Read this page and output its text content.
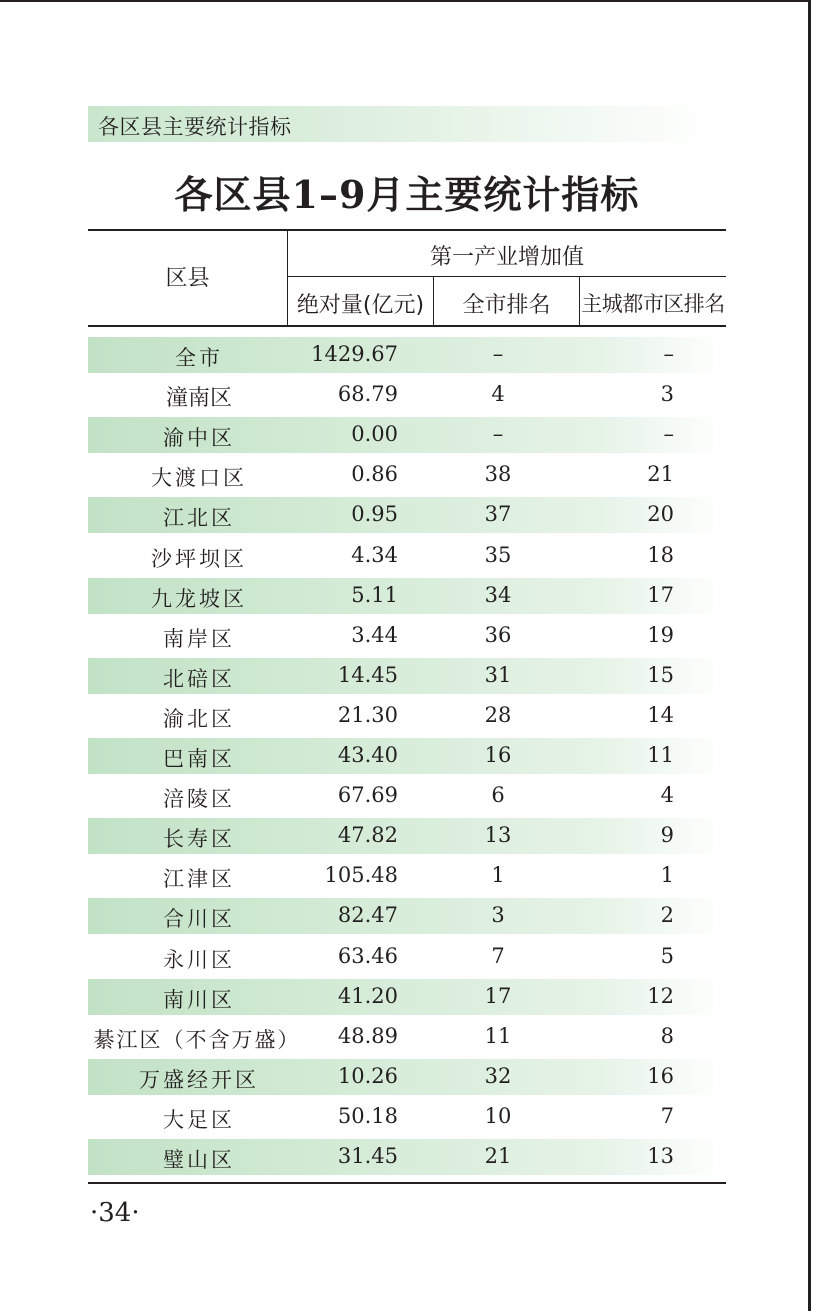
各区县主要统计指标
各区县1–9月主要统计指标
区县
第一产业增加值
绝对量(亿元)	全市排名	主城都市区排名
全市	1429.67	–	–
潼南区	68.79	4	3
渝中区	0.00	–	–
大渡口区	0.86	38	21
江北区	0.95	37	20
沙坪坝区	4.34	35	18
九龙坡区	5.11	34	17
南岸区	3.44	36	19
北碚区	14.45	31	15
渝北区	21.30	28	14
巴南区	43.40	16	11
涪陵区	67.69	6	4
长寿区	47.82	13	9
江津区	105.48	1	1
合川区	82.47	3	2
永川区	63.46	7	5
南川区	41.20	17	12
綦江区（不含万盛）	48.89	11	8
万盛经开区	10.26	32	16
大足区	50.18	10	7
璧山区	31.45	21	13
·34·
